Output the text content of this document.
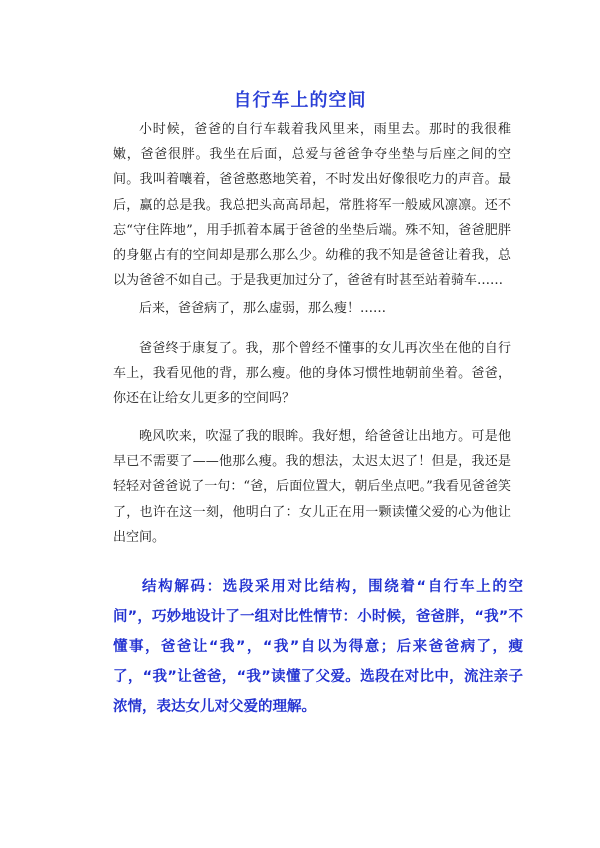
自行车上的空间

小时候，爸爸的自行车载着我风里来，雨里去。那时的我很稚嫩，爸爸很胖。我坐在后面，总爱与爸爸争夺坐垫与后座之间的空间。我叫着嚷着，爸爸憨憨地笑着，不时发出好像很吃力的声音。最后，赢的总是我。我总把头高高昂起，常胜将军一般威风凛凛。还不忘“守住阵地”，用手抓着本属于爸爸的坐垫后端。殊不知，爸爸肥胖的身躯占有的空间却是那么那么少。幼稚的我不知是爸爸让着我，总以为爸爸不如自己。于是我更加过分了，爸爸有时甚至站着骑车……

后来，爸爸病了，那么虚弱，那么瘦！……

爸爸终于康复了。我，那个曾经不懂事的女儿再次坐在他的自行车上，我看见他的背，那么瘦。他的身体习惯性地朝前坐着。爸爸，你还在让给女儿更多的空间吗？

晚风吹来，吹湿了我的眼眸。我好想，给爸爸让出地方。可是他早已不需要了——他那么瘦。我的想法，太迟太迟了！但是，我还是轻轻对爸爸说了一句：“爸，后面位置大，朝后坐点吧。”我看见爸爸笑了，也许在这一刻，他明白了：女儿正在用一颗读懂父爱的心为他让出空间。

结构解码：选段采用对比结构，围绕着“自行车上的空间”，巧妙地设计了一组对比性情节：小时候，爸爸胖，“我”不懂事，爸爸让“我”，“我”自以为得意；后来爸爸病了，瘦了，“我”让爸爸，“我”读懂了父爱。选段在对比中，流注亲子浓情，表达女儿对父爱的理解。
